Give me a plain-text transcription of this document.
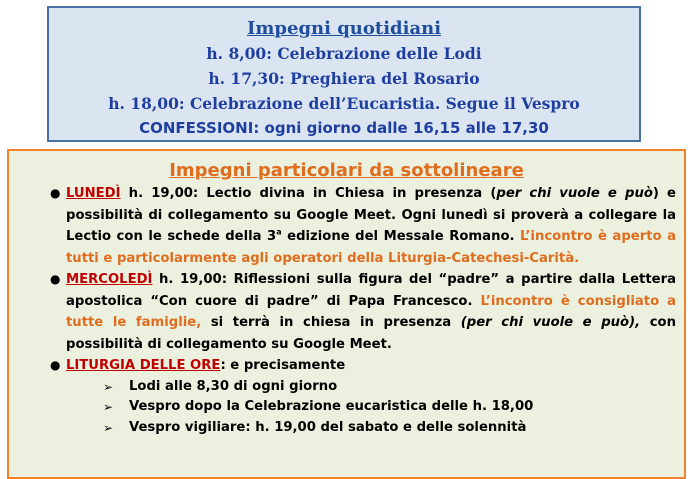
Impegni quotidiani
h. 8,00: Celebrazione delle Lodi
h. 17,30: Preghiera del Rosario
h. 18,00: Celebrazione dell’Eucaristia. Segue il Vespro
CONFESSIONI: ogni giorno dalle 16,15 alle 17,30
Impegni particolari da sottolineare
● LUNEDÌ h. 19,00: Lectio divina in Chiesa in presenza (per chi vuole e può) e possibilità di collegamento su Google Meet. Ogni lunedì si proverà a collegare la Lectio con le schede della 3$^a$ edizione del Messale Romano. L’incontro è aperto a tutti e particolarmente agli operatori della Liturgia-Catechesi-Carità.
● MERCOLEDÌ h. 19,00: Riflessioni sulla figura del “padre” a partire dalla Lettera apostolica “Con cuore di padre” di Papa Francesco. L’incontro è consigliato a tutte le famiglie, si terrà in chiesa in presenza (per chi vuole e può), con possibilità di collegamento su Google Meet.
● LITURGIA DELLE ORE: e precisamente
➢ Lodi alle 8,30 di ogni giorno
➢ Vespro dopo la Celebrazione eucaristica delle h. 18,00
➢ Vespro vigiliare: h. 19,00 del sabato e delle solennità
